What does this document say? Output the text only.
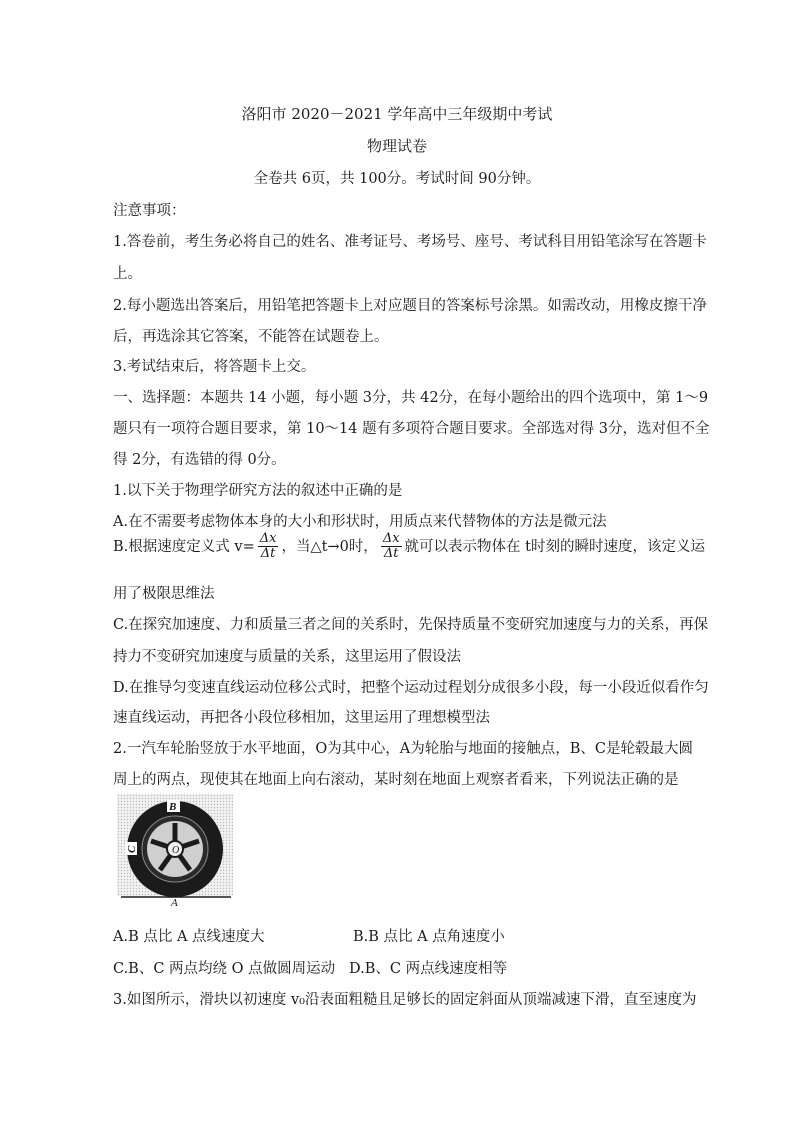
洛阳市 2020－2021 学年高中三年级期中考试
物理试卷
全卷共 6页，共 100分。考试时间 90分钟。
注意事项：
1.答卷前，考生务必将自己的姓名、准考证号、考场号、座号、考试科目用铅笔涂写在答题卡
上。
2.每小题选出答案后，用铅笔把答题卡上对应题目的答案标号涂黑。如需改动，用橡皮擦干净
后，再选涂其它答案，不能答在试题卷上。
3.考试结束后，将答题卡上交。
一、选择题：本题共 14 小题，每小题 3分，共 42分，在每小题给出的四个选项中，第 1～9
题只有一项符合题目要求，第 10～14 题有多项符合题目要求。全部选对得 3分，选对但不全
得 2分，有选错的得 0分。
1.以下关于物理学研究方法的叙述中正确的是
A.在不需要考虑物体本身的大小和形状时，用质点来代替物体的方法是微元法
B.根据速度定义式 $v= \frac{\Delta x}{\Delta t}$ ，当△t→0时， $\frac{\Delta x}{\Delta t}$ 就可以表示物体在 t时刻的瞬时速度，该定义运
用了极限思维法
C.在探究加速度、力和质量三者之间的关系时，先保持质量不变研究加速度与力的关系，再保
持力不变研究加速度与质量的关系，这里运用了假设法
D.在推导匀变速直线运动位移公式时，把整个运动过程划分成很多小段，每一小段近似看作匀
速直线运动，再把各小段位移相加，这里运用了理想模型法
2.一汽车轮胎竖放于水平地面，O为其中心，A为轮胎与地面的接触点，B、C是轮毂最大圆
周上的两点，现使其在地面上向右滚动，某时刻在地面上观察者看来，下列说法正确的是
O
B
C
A
A.B 点比 A 点线速度大	B.B 点比 A 点角速度小
C.B、C 两点均绕 O 点做圆周运动 D.B、C 两点线速度相等
3.如图所示，滑块以初速度 v₀沿表面粗糙且足够长的固定斜面从顶端减速下滑，直至速度为
